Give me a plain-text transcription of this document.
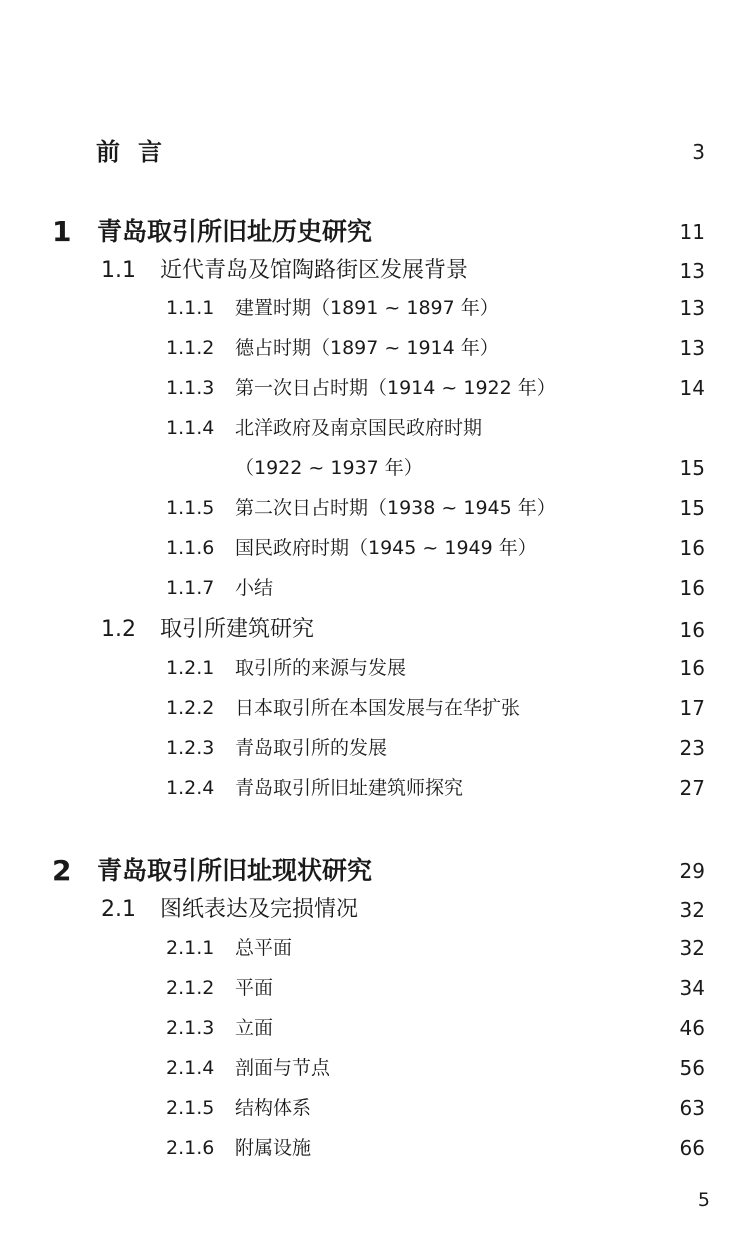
前言	3
1 青岛取引所旧址历史研究	11
1.1 近代青岛及馆陶路街区发展背景	13
1.1.1 建置时期（1891 ~ 1897 年）	13
1.1.2 德占时期（1897 ~ 1914 年）	13
1.1.3 第一次日占时期（1914 ~ 1922 年）	14
1.1.4 北洋政府及南京国民政府时期
（1922 ~ 1937 年）	15
1.1.5 第二次日占时期（1938 ~ 1945 年）	15
1.1.6 国民政府时期（1945 ~ 1949 年）	16
1.1.7 小结	16
1.2 取引所建筑研究	16
1.2.1 取引所的来源与发展	16
1.2.2 日本取引所在本国发展与在华扩张	17
1.2.3 青岛取引所的发展	23
1.2.4 青岛取引所旧址建筑师探究	27
2 青岛取引所旧址现状研究	29
2.1 图纸表达及完损情况	32
2.1.1 总平面	32
2.1.2 平面	34
2.1.3 立面	46
2.1.4 剖面与节点	56
2.1.5 结构体系	63
2.1.6 附属设施	66
5
